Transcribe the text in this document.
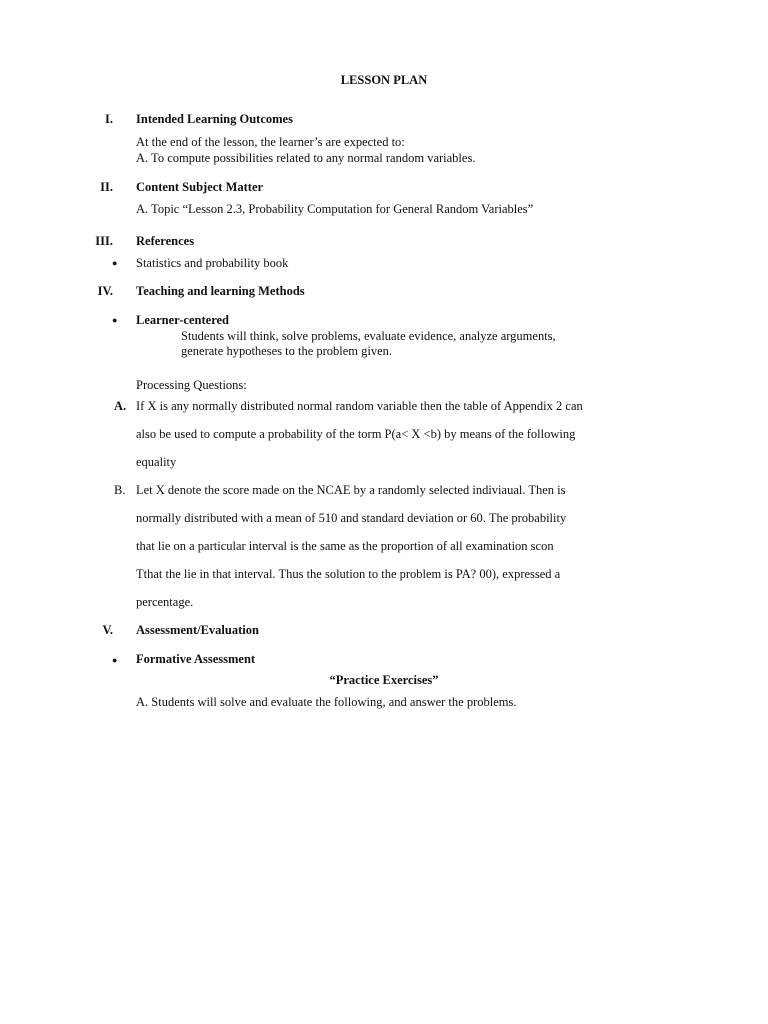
LESSON PLAN
I. Intended Learning Outcomes
At the end of the lesson, the learner’s are expected to:
A. To compute possibilities related to any normal random variables.
II. Content Subject Matter
A. Topic “Lesson 2.3, Probability Computation for General Random Variables”
III. References
● Statistics and probability book
IV. Teaching and learning Methods
● Learner-centered
Students will think, solve problems, evaluate evidence, analyze arguments,
generate hypotheses to the problem given.
Processing Questions:
A. If X is any normally distributed normal random variable then the table of Appendix 2 can
also be used to compute a probability of the torm P(a< X <b) by means of the following
equality
B. Let X denote the score made on the NCAE by a randomly selected indiviaual. Then is
normally distributed with a mean of 510 and standard deviation or 60. The probability
that lie on a particular interval is the same as the proportion of all examination scon
Tthat the lie in that interval. Thus the solution to the problem is PA? 00), expressed a
percentage.
V. Assessment/Evaluation
● Formative Assessment
“Practice Exercises”
A. Students will solve and evaluate the following, and answer the problems.
